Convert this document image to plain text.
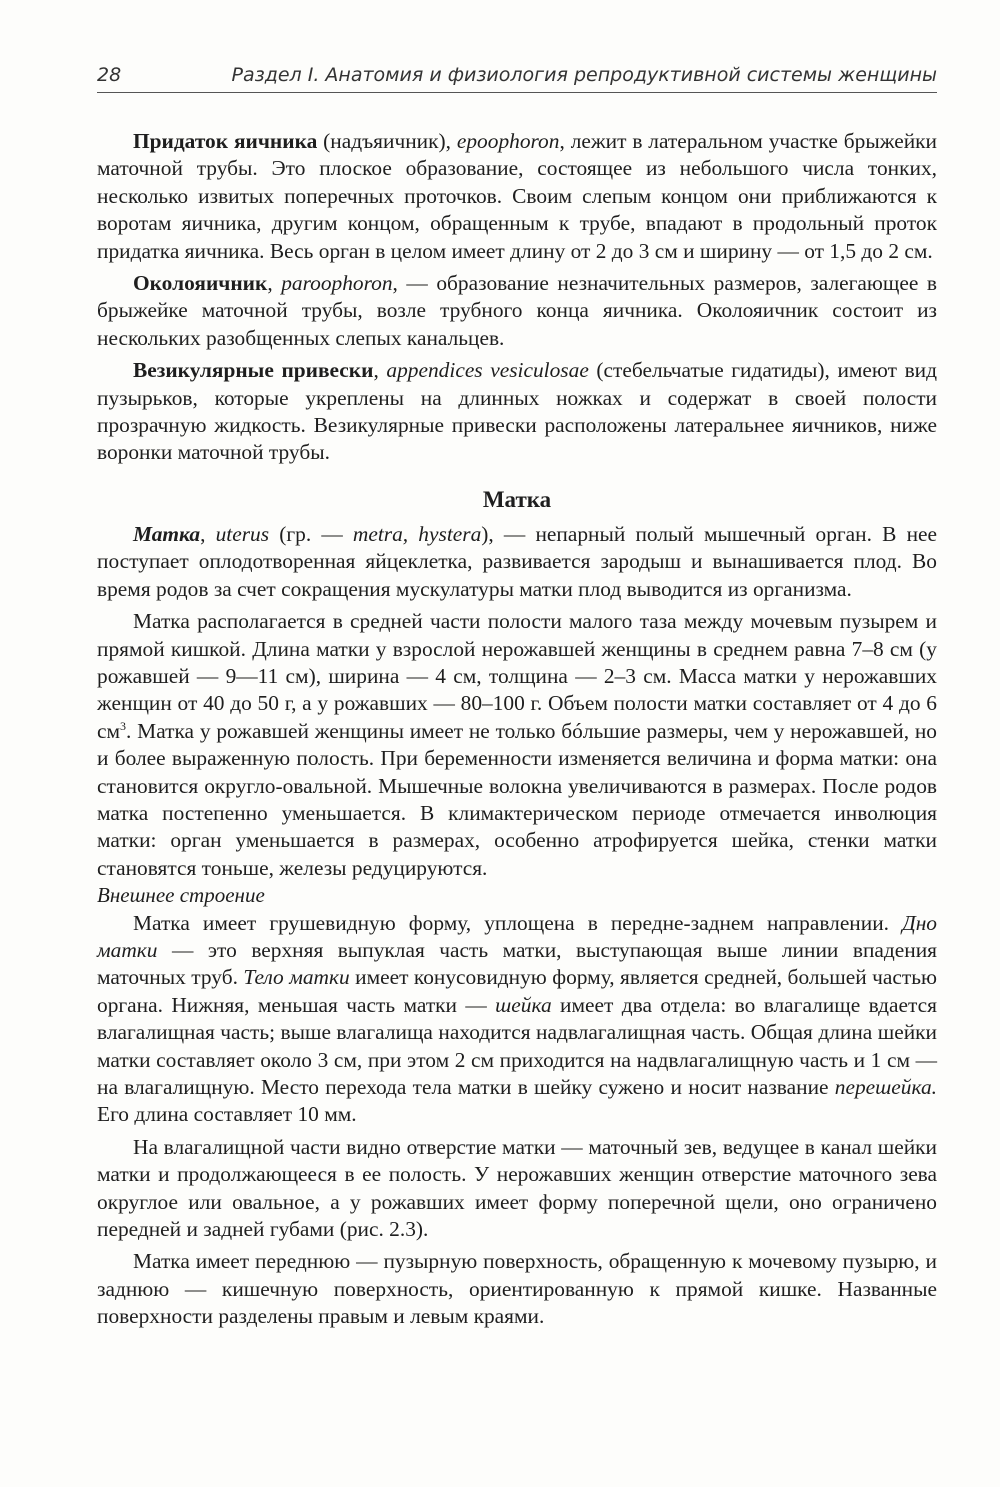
28	Раздел I. Анатомия и физиология репродуктивной системы женщины

Придаток яичника (надъяичник), epoophoron, лежит в латеральном участке брыжейки маточной трубы. Это плоское образование, состоящее из небольшого числа тонких, несколько извитых поперечных проточков. Своим слепым концом они приближаются к воротам яичника, другим концом, обращенным к трубе, впадают в продольный проток придатка яичника. Весь орган в целом имеет длину от 2 до 3 см и ширину — от 1,5 до 2 см.

Околояичник, paroophoron, — образование незначительных размеров, залегающее в брыжейке маточной трубы, возле трубного конца яичника. Околояичник состоит из нескольких разобщенных слепых канальцев.

Везикулярные привески, appendices vesiculosae (стебельчатые гидатиды), имеют вид пузырьков, которые укреплены на длинных ножках и содержат в своей полости прозрачную жидкость. Везикулярные привески расположены латеральнее яичников, ниже воронки маточной трубы.

Матка

Матка, uterus (гр. — metra, hystera), — непарный полый мышечный орган. В нее поступает оплодотворенная яйцеклетка, развивается зародыш и вынашивается плод. Во время родов за счет сокращения мускулатуры матки плод выводится из организма.

Матка располагается в средней части полости малого таза между мочевым пузырем и прямой кишкой. Длина матки у взрослой нерожавшей женщины в среднем равна 7–8 см (у рожавшей — 9—11 см), ширина — 4 см, толщина — 2–3 см. Масса матки у нерожавших женщин от 40 до 50 г, а у рожавших — 80–100 г. Объем полости матки составляет от 4 до 6 $см^3$. Матка у рожавшей женщины имеет не только бóльшие размеры, чем у нерожавшей, но и более выраженную полость. При беременности изменяется величина и форма матки: она становится округло-овальной. Мышечные волокна увеличиваются в размерах. После родов матка постепенно уменьшается. В климактерическом периоде отмечается инволюция матки: орган уменьшается в размерах, особенно атрофируется шейка, стенки матки становятся тоньше, железы редуцируются.

Внешнее строение

Матка имеет грушевидную форму, уплощена в передне-заднем направлении. Дно матки — это верхняя выпуклая часть матки, выступающая выше линии впадения маточных труб. Тело матки имеет конусовидную форму, является средней, большей частью органа. Нижняя, меньшая часть матки — шейка имеет два отдела: во влагалище вдается влагалищная часть; выше влагалища находится надвлагалищная часть. Общая длина шейки матки составляет около 3 см, при этом 2 см приходится на надвлагалищную часть и 1 см — на влагалищную. Место перехода тела матки в шейку сужено и носит название перешейка. Его длина составляет 10 мм.

На влагалищной части видно отверстие матки — маточный зев, ведущее в канал шейки матки и продолжающееся в ее полость. У нерожавших женщин отверстие маточного зева округлое или овальное, а у рожавших имеет форму поперечной щели, оно ограничено передней и задней губами (рис. 2.3).

Матка имеет переднюю — пузырную поверхность, обращенную к мочевому пузырю, и заднюю — кишечную поверхность, ориентированную к прямой кишке. Названные поверхности разделены правым и левым краями.
